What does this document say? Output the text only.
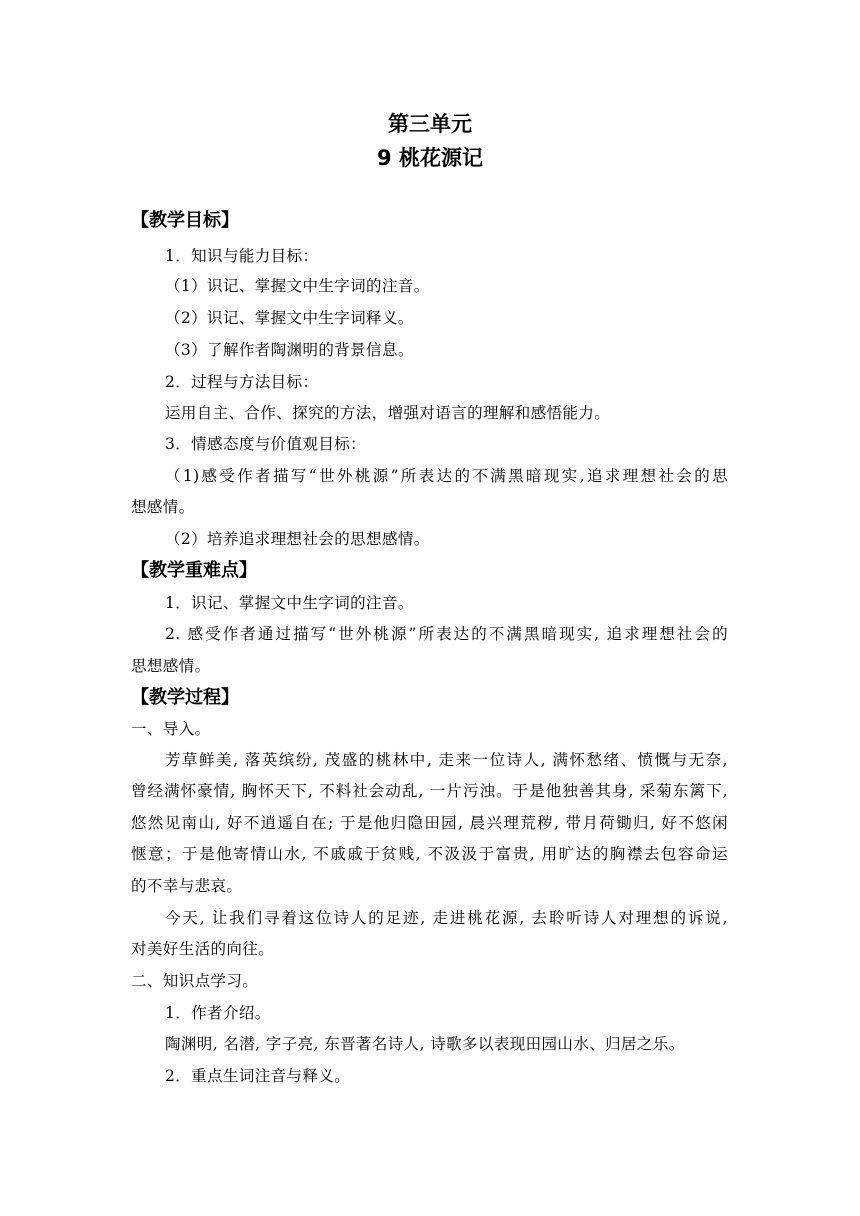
第三单元
9 桃花源记
【教学目标】
1．知识与能力目标：
（1）识记、掌握文中生字词的注音。
（2）识记、掌握文中生字词释义。
（3）了解作者陶渊明的背景信息。
2．过程与方法目标：
运用自主、合作、探究的方法，增强对语言的理解和感悟能力。
3．情感态度与价值观目标：
（1)感受作者描写“世外桃源”所表达的不满黑暗现实,追求理想社会的思
想感情。
（2）培养追求理想社会的思想感情。
【教学重难点】
1．识记、掌握文中生字词的注音。
2. 感受作者通过描写“世外桃源”所表达的不满黑暗现实, 追求理想社会的
思想感情。
【教学过程】
一、导入。
芳草鲜美, 落英缤纷, 茂盛的桃林中, 走来一位诗人, 满怀愁绪、愤慨与无奈,
曾经满怀豪情, 胸怀天下, 不料社会动乱, 一片污浊。于是他独善其身, 采菊东篱下,
悠然见南山, 好不逍遥自在; 于是他归隐田园, 晨兴理荒秽, 带月荷锄归, 好不悠闲
惬意；于是他寄情山水, 不戚戚于贫贱, 不汲汲于富贵, 用旷达的胸襟去包容命运
的不幸与悲哀。
今天, 让我们寻着这位诗人的足迹, 走进桃花源, 去聆听诗人对理想的诉说,
对美好生活的向往。
二、知识点学习。
1．作者介绍。
陶渊明, 名潜, 字子亮, 东晋著名诗人, 诗歌多以表现田园山水、归居之乐。
2．重点生词注音与释义。
